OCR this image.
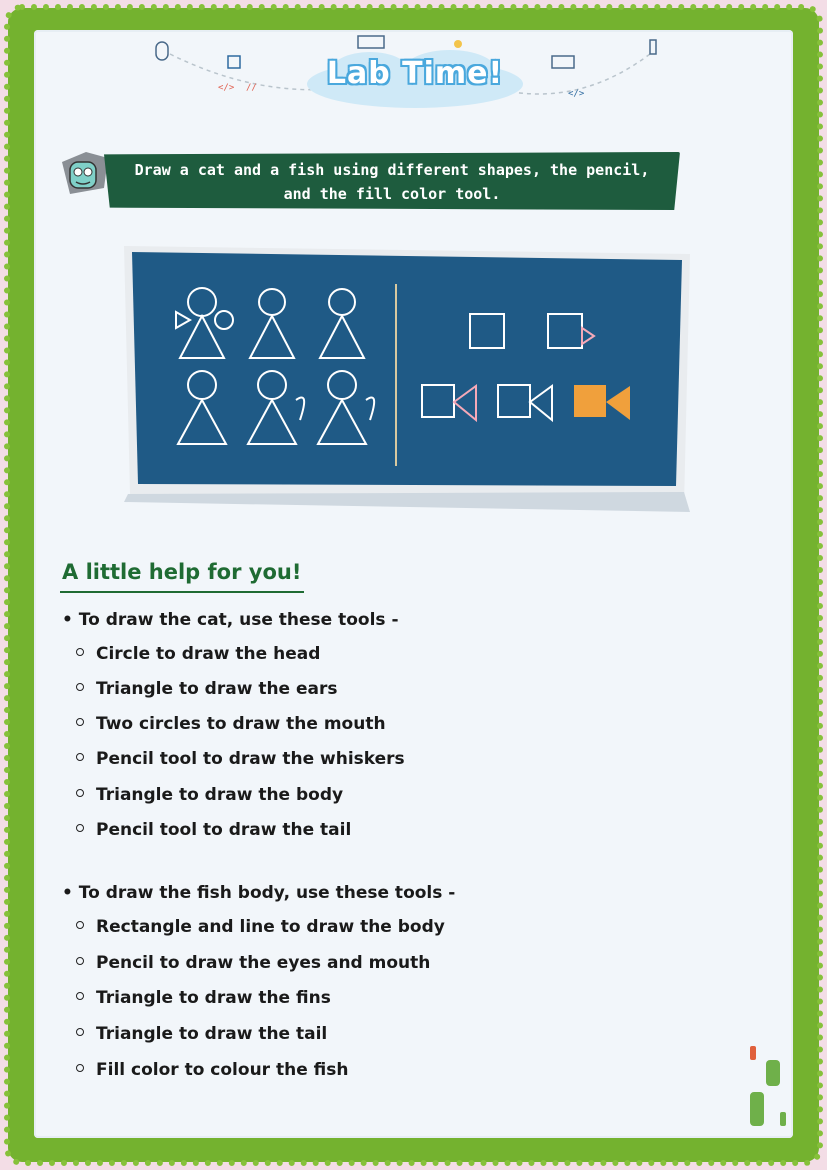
</> //
</>
Lab Time!
Draw a cat and a fish using different shapes, the pencil,
and the fill color tool.
A little help for you!
• To draw the cat, use these tools -
Circle to draw the head
Triangle to draw the ears
Two circles to draw the mouth
Pencil tool to draw the whiskers
Triangle to draw the body
Pencil tool to draw the tail
• To draw the fish body, use these tools -
Rectangle and line to draw the body
Pencil to draw the eyes and mouth
Triangle to draw the fins
Triangle to draw the tail
Fill color to colour the fish
